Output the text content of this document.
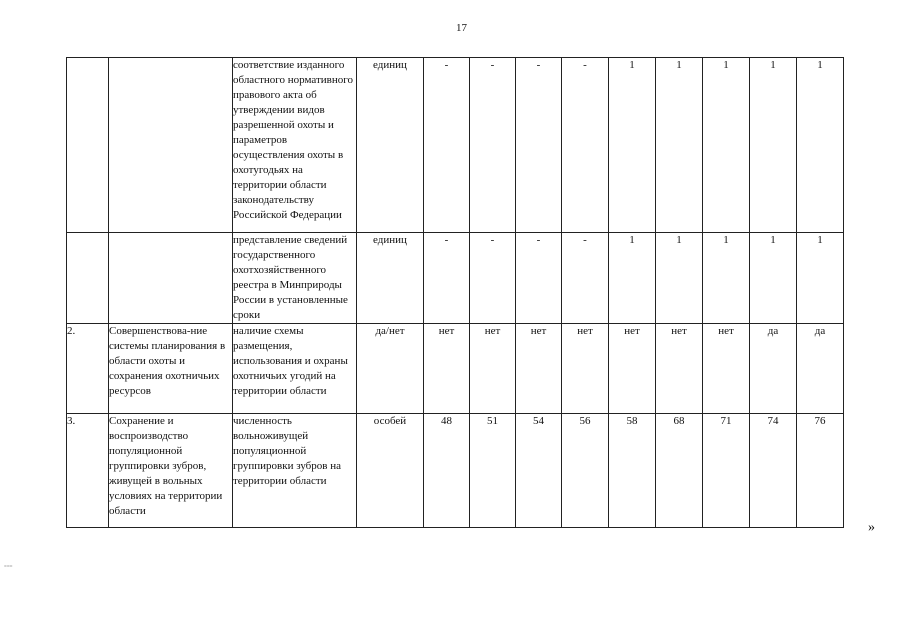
17
		соответствие изданного областного нормативного правового акта об утверждении видов разрешенной охоты и параметров осуществления охоты в охотугодьях на территории области законодательству Российской Федерации	единиц	-	-	-	-	1	1	1	1	1
		представление сведений государственного охотхозяйственного реестра в Минприроды России в установленные сроки	единиц	-	-	-	-	1	1	1	1	1
2.	Совершенствова-ние системы планирования в области охоты и сохранения охотничьих ресурсов	наличие схемы размещения, использования и охраны охотничьих угодий на территории области	да/нет	нет	нет	нет	нет	нет	нет	нет	да	да
3.	Сохранение и воспроизводство популяционной группировки зубров, живущей в вольных условиях на территории области	численность вольноживущей популяционной группировки зубров на территории области	особей	48	51	54	56	58	68	71	74	76
»
===
